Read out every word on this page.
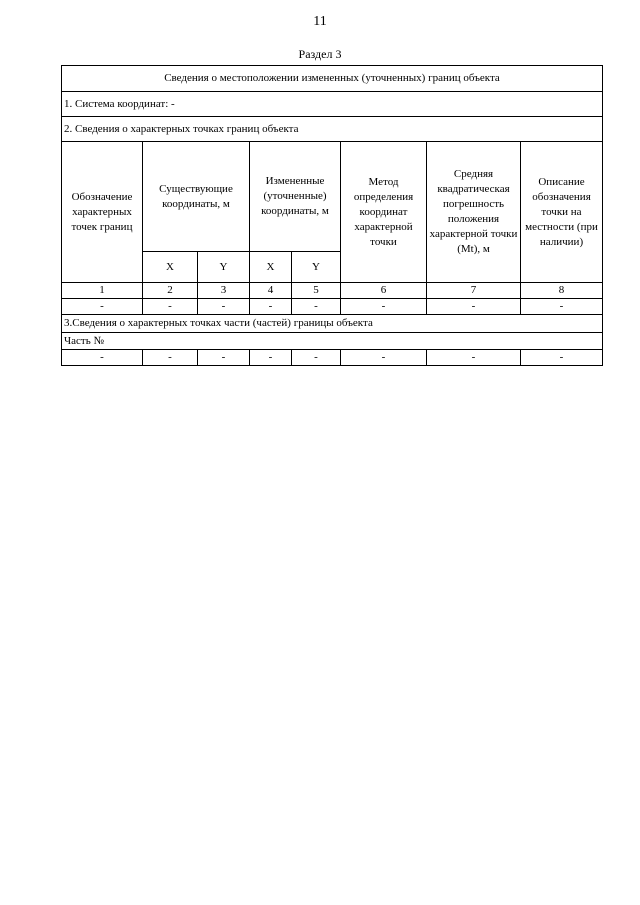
11
Раздел 3
Сведения о местоположении измененных (уточненных) границ объекта							
1. Система координат: -							
2. Сведения о характерных точках границ объекта							
Обозначение характерных точек границ	Существующие координаты, м		Измененные (уточненные) координаты, м		Метод определения координат характерной точки	Средняя квадратическая погрешность положения характерной точки (Mt), м	Описание обозначения точки на местности (при наличии)
	X	Y	X	Y			
1	2	3	4	5	6	7	8
-	-	-	-	-	-	-	-
3.Сведения о характерных точках части (частей) границы объекта							
Часть №							
-	-	-	-	-	-	-	-
